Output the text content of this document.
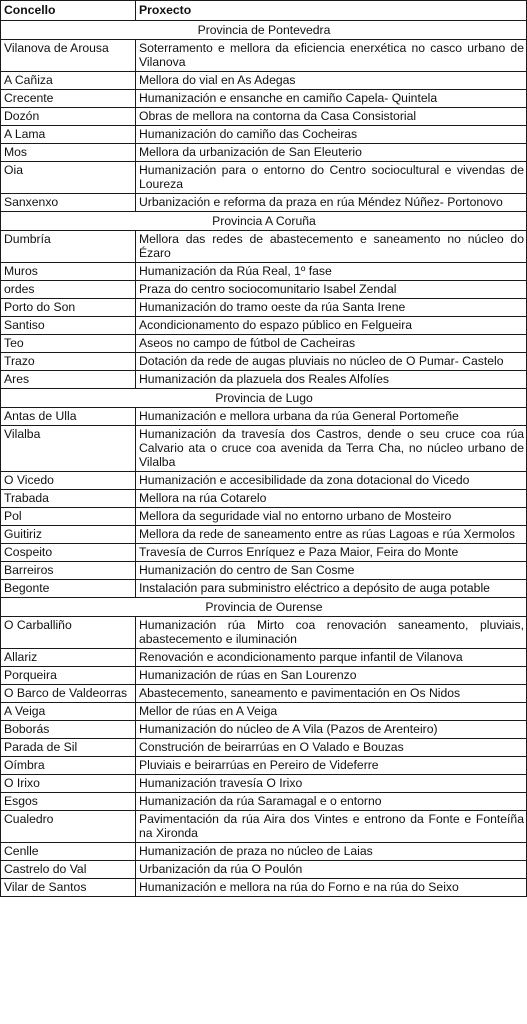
Concello	Proxecto
Provincia de Pontevedra	
Vilanova de Arousa	Soterramento e mellora da eficiencia enerxética no casco urbano de Vilanova
A Cañiza	Mellora do vial en As Adegas
Crecente	Humanización e ensanche en camiño Capela- Quintela
Dozón	Obras de mellora na contorna da Casa Consistorial
A Lama	Humanización do camiño das Cocheiras
Mos	Mellora da urbanización de San Eleuterio
Oia	Humanización para o entorno do Centro sociocultural e vivendas de Loureza
Sanxenxo	Urbanización e reforma da praza en rúa Méndez Núñez- Portonovo
Provincia A Coruña	
Dumbría	Mellora das redes de abastecemento e saneamento no núcleo do Ézaro
Muros	Humanización da Rúa Real, 1º fase
ordes	Praza do centro sociocomunitario Isabel Zendal
Porto do Son	Humanización do tramo oeste da rúa Santa Irene
Santiso	Acondicionamento do espazo público en Felgueira
Teo	Aseos no campo de fútbol de Cacheiras
Trazo	Dotación da rede de augas pluviais no núcleo de O Pumar- Castelo
Ares	Humanización da plazuela dos Reales Alfolíes
Provincia de Lugo	
Antas de Ulla	Humanización e mellora urbana da rúa General Portomeñe
Vilalba	Humanización da travesía dos Castros, dende o seu cruce coa rúa Calvario ata o cruce coa avenida da Terra Cha, no núcleo urbano de Vilalba
O Vicedo	Humanización e accesibilidade da zona dotacional do Vicedo
Trabada	Mellora na rúa Cotarelo
Pol	Mellora da seguridade vial no entorno urbano de Mosteiro
Guitiriz	Mellora da rede de saneamento entre as rúas Lagoas e rúa Xermolos
Cospeito	Travesía de Curros Enríquez e Paza Maior, Feira do Monte
Barreiros	Humanización do centro de San Cosme
Begonte	Instalación para subministro eléctrico a depósito de auga potable
Provincia de Ourense	
O Carballiño	Humanización rúa Mirto coa renovación saneamento, pluviais, abastecemento e iluminación
Allariz	Renovación e acondicionamento parque infantil de Vilanova
Porqueira	Humanización de rúas en San Lourenzo
O Barco de Valdeorras	Abastecemento, saneamento e pavimentación en Os Nidos
A Veiga	Mellor de rúas en A Veiga
Boborás	Humanización do núcleo de A Vila (Pazos de Arenteiro)
Parada de Sil	Construción de beirarrúas en O Valado e Bouzas
Oímbra	Pluviais e beirarrúas en Pereiro de Videferre
O Irixo	Humanización travesía O Irixo
Esgos	Humanización da rúa Saramagal e o entorno
Cualedro	Pavimentación da rúa Aira dos Vintes e entrono da Fonte e Fonteíña na Xironda
Cenlle	Humanización de praza no núcleo de Laias
Castrelo do Val	Urbanización da rúa O Poulón
Vilar de Santos	Humanización e mellora na rúa do Forno e na rúa do Seixo
